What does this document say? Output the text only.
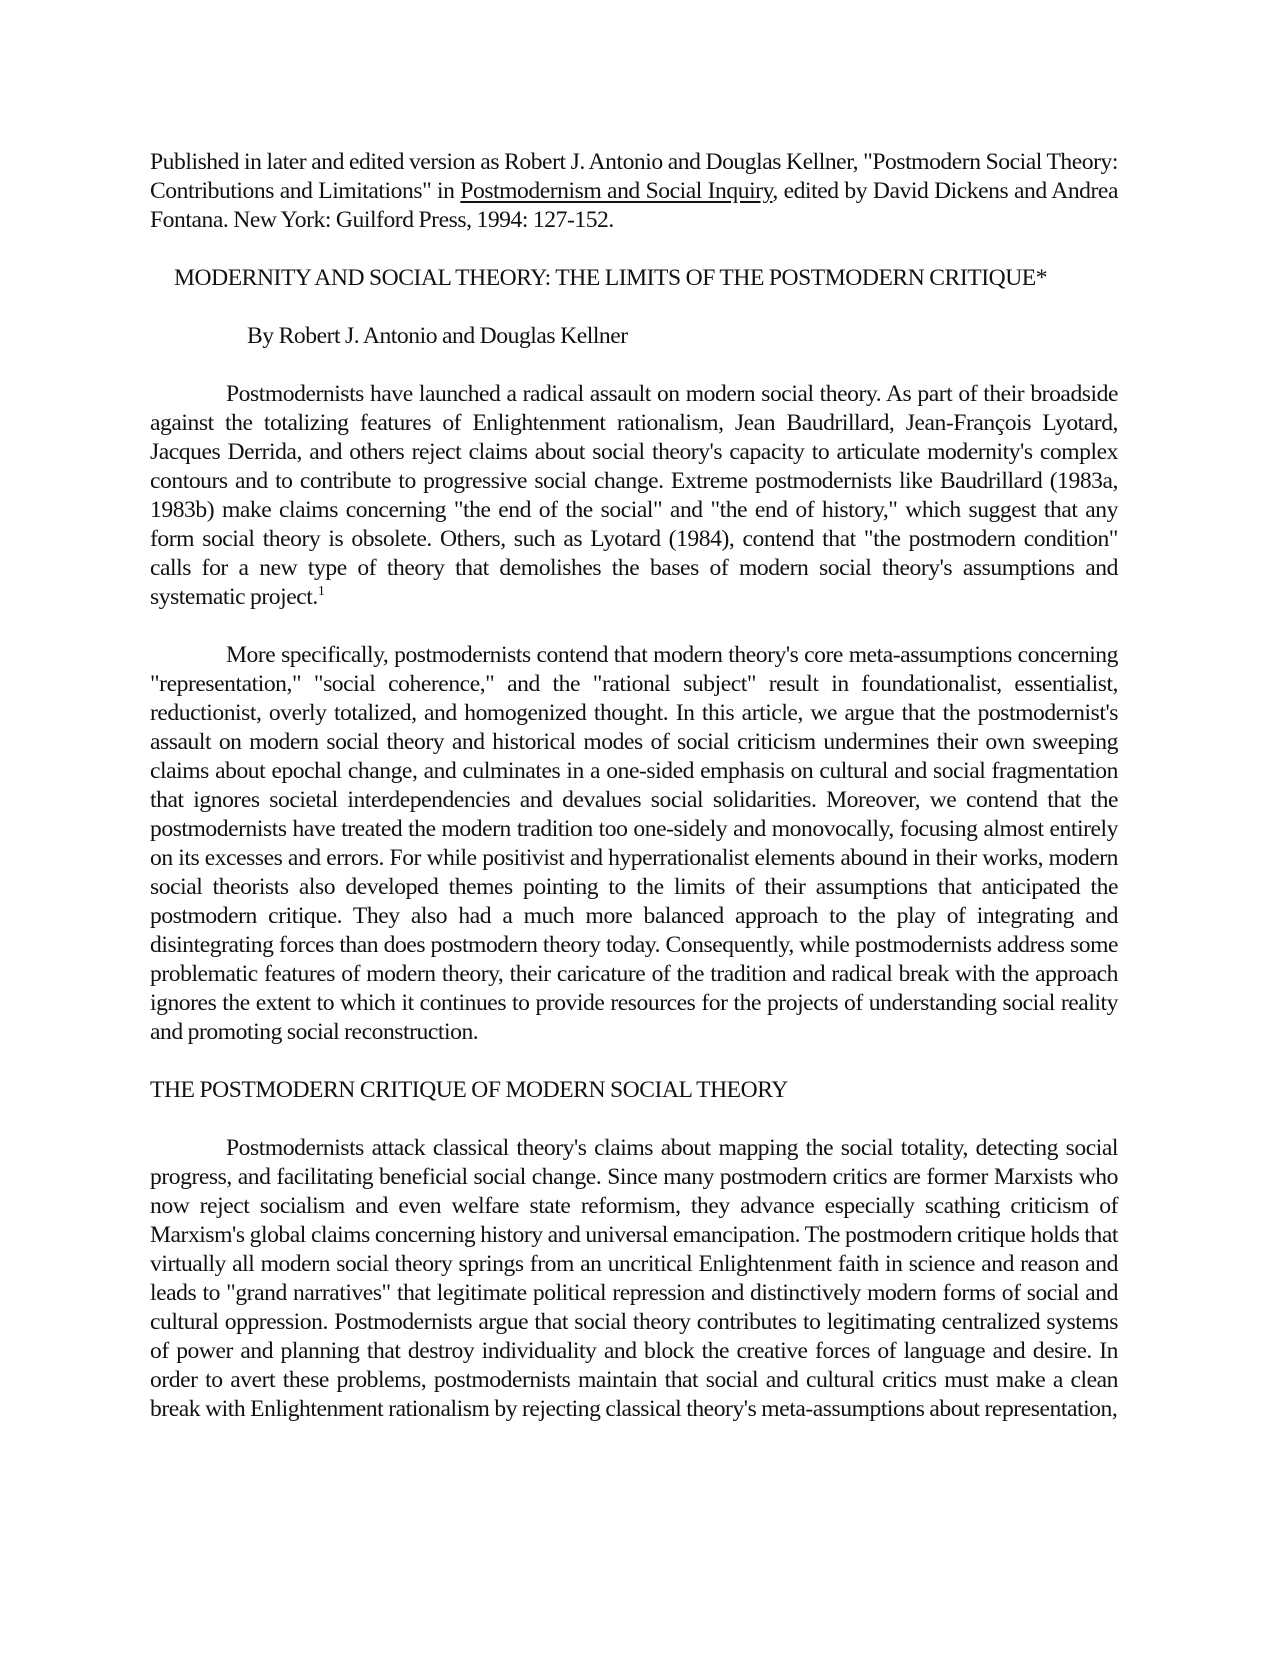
Published in later and edited version as Robert J. Antonio and Douglas Kellner, "Postmodern Social Theory: Contributions and Limitations" in Postmodernism and Social Inquiry, edited by David Dickens and Andrea Fontana. New York: Guilford Press, 1994: 127-152.

MODERNITY AND SOCIAL THEORY: THE LIMITS OF THE POSTMODERN CRITIQUE*

By Robert J. Antonio and Douglas Kellner

Postmodernists have launched a radical assault on modern social theory. As part of their broadside against the totalizing features of Enlightenment rationalism, Jean Baudrillard, Jean-François Lyotard, Jacques Derrida, and others reject claims about social theory's capacity to articulate modernity's complex contours and to contribute to progressive social change. Extreme postmodernists like Baudrillard (1983a, 1983b) make claims concerning "the end of the social" and "the end of history," which suggest that any form social theory is obsolete. Others, such as Lyotard (1984), contend that "the postmodern condition" calls for a new type of theory that demolishes the bases of modern social theory's assumptions and systematic project.$^1$

More specifically, postmodernists contend that modern theory's core meta-assumptions concerning "representation," "social coherence," and the "rational subject" result in foundationalist, essentialist, reductionist, overly totalized, and homogenized thought. In this article, we argue that the postmodernist's assault on modern social theory and historical modes of social criticism undermines their own sweeping claims about epochal change, and culminates in a one-sided emphasis on cultural and social fragmentation that ignores societal interdependencies and devalues social solidarities. Moreover, we contend that the postmodernists have treated the modern tradition too one-sidely and monovocally, focusing almost entirely on its excesses and errors. For while positivist and hyperrationalist elements abound in their works, modern social theorists also developed themes pointing to the limits of their assumptions that anticipated the postmodern critique. They also had a much more balanced approach to the play of integrating and disintegrating forces than does postmodern theory today. Consequently, while postmodernists address some problematic features of modern theory, their caricature of the tradition and radical break with the approach ignores the extent to which it continues to provide resources for the projects of understanding social reality and promoting social reconstruction.

THE POSTMODERN CRITIQUE OF MODERN SOCIAL THEORY

Postmodernists attack classical theory's claims about mapping the social totality, detecting social progress, and facilitating beneficial social change. Since many postmodern critics are former Marxists who now reject socialism and even welfare state reformism, they advance especially scathing criticism of Marxism's global claims concerning history and universal emancipation. The postmodern critique holds that virtually all modern social theory springs from an uncritical Enlightenment faith in science and reason and leads to "grand narratives" that legitimate political repression and distinctively modern forms of social and cultural oppression. Postmodernists argue that social theory contributes to legitimating centralized systems of power and planning that destroy individuality and block the creative forces of language and desire. In order to avert these problems, postmodernists maintain that social and cultural critics must make a clean break with Enlightenment rationalism by rejecting classical theory's meta-assumptions about representation,
